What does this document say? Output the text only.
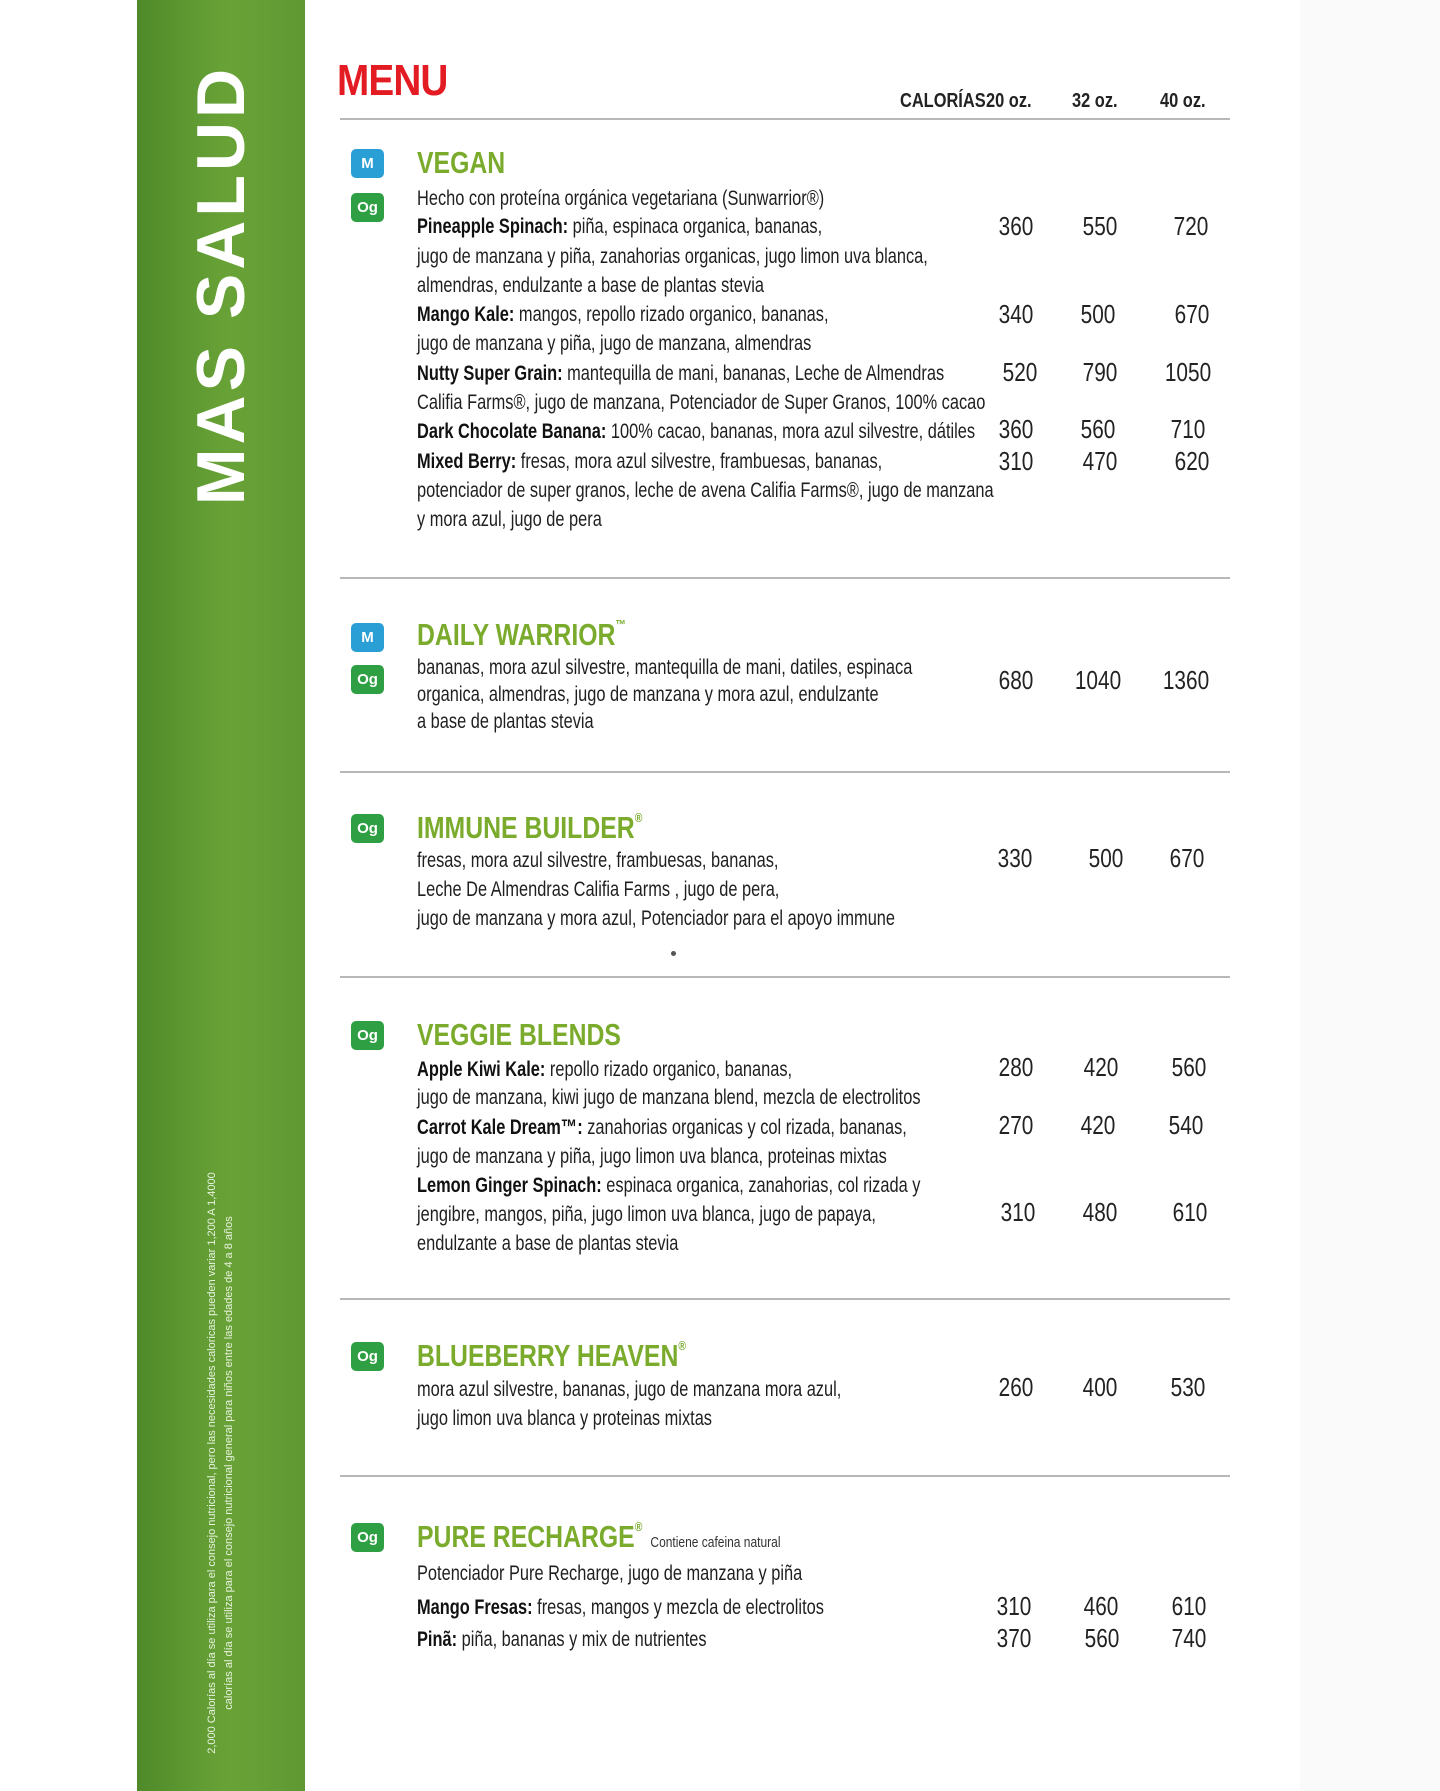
MAS SALUD
2,000 Calorías al día se utiliza para el consejo nutricional, pero las necesidades caloricas pueden variar 1,200 A 1,4000 calorías al día se utiliza para el consejo nutricional general para niños entre las edades de 4 a 8 años
MENU	CALORÍAS 20 oz. 32 oz. 40 oz.
M
Og
VEGAN
Hecho con proteína orgánica vegetariana (Sunwarrior®)
Pineapple Spinach: piña, espinaca organica, bananas,
jugo de manzana y piña, zanahorias organicas, jugo limon uva blanca,
almendras, endulzante a base de plantas stevia
360	550	720
Mango Kale: mangos, repollo rizado organico, bananas,
jugo de manzana y piña, jugo de manzana, almendras
340	500	670
Nutty Super Grain: mantequilla de mani, bananas, Leche de Almendras
Califia Farms®, jugo de manzana, Potenciador de Super Granos, 100% cacao
520	790	1050
Dark Chocolate Banana: 100% cacao, bananas, mora azul silvestre, dátiles 360	560	710
Mixed Berry: fresas, mora azul silvestre, frambuesas, bananas,
potenciador de super granos, leche de avena Califia Farms®, jugo de manzana
y mora azul, jugo de pera
310	470	620
M
Og
DAILY WARRIOR™
bananas, mora azul silvestre, mantequilla de mani, datiles, espinaca
organica, almendras, jugo de manzana y mora azul, endulzante
a base de plantas stevia
680	1040	1360
Og IMMUNE BUILDER®
fresas, mora azul silvestre, frambuesas, bananas,
Leche De Almendras Califia Farms , jugo de pera,
jugo de manzana y mora azul, Potenciador para el apoyo immune
330	500	670
Og VEGGIE BLENDS
Apple Kiwi Kale: repollo rizado organico, bananas,
jugo de manzana, kiwi jugo de manzana blend, mezcla de electrolitos
280	420	560
Carrot Kale Dream™: zanahorias organicas y col rizada, bananas,
jugo de manzana y piña, jugo limon uva blanca, proteinas mixtas
270	420	540
Lemon Ginger Spinach: espinaca organica, zanahorias, col rizada y
jengibre, mangos, piña, jugo limon uva blanca, jugo de papaya,
endulzante a base de plantas stevia
310	480	610
Og BLUEBERRY HEAVEN®
mora azul silvestre, bananas, jugo de manzana mora azul,
jugo limon uva blanca y proteinas mixtas
260	400	530
Og PURE RECHARGE®Contiene cafeina natural
Potenciador Pure Recharge, jugo de manzana y piña
Mango Fresas: fresas, mangos y mezcla de electrolitos	310	460	610
Pinã: piña, bananas y mix de nutrientes	370	560	740
